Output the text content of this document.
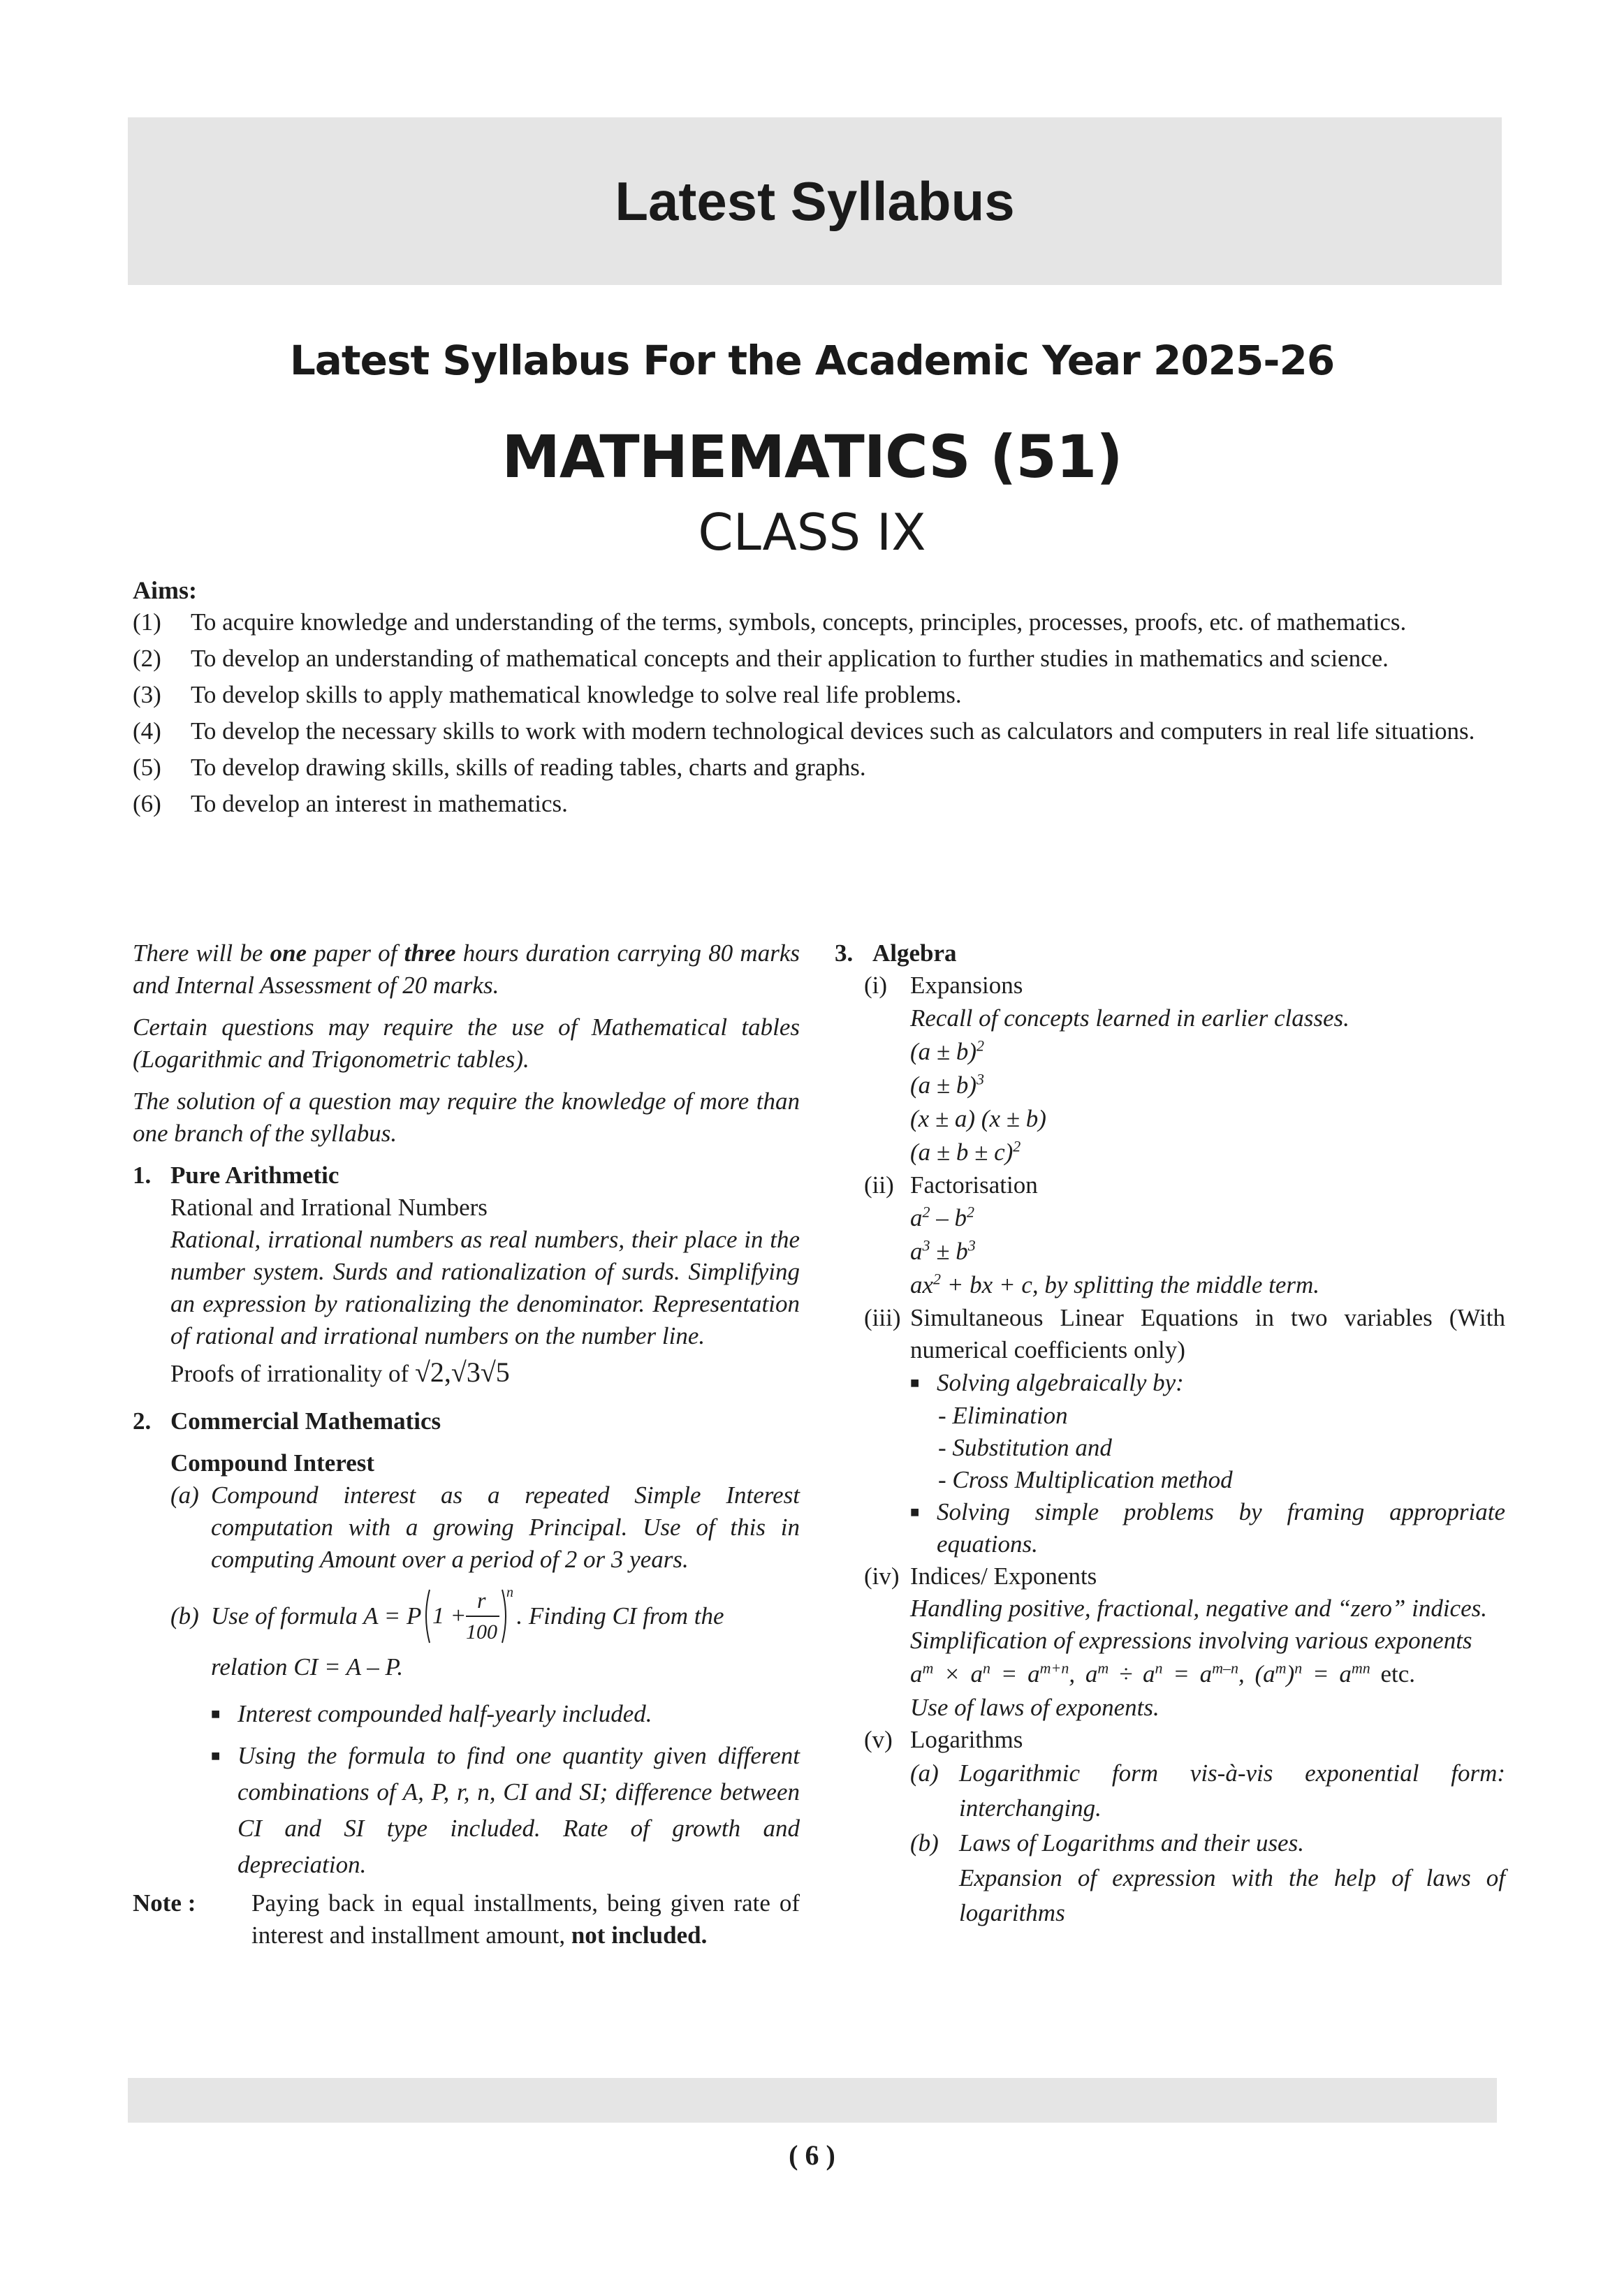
Latest Syllabus
Latest Syllabus For the Academic Year 2025-26
MATHEMATICS (51)
CLASS IX
Aims:
(1)	To acquire knowledge and understanding of the terms, symbols, concepts, principles, processes, proofs, etc. of mathematics.
(2)	To develop an understanding of mathematical concepts and their application to further studies in mathematics and science.
(3)	To develop skills to apply mathematical knowledge to solve real life problems.
(4)	To develop the necessary skills to work with modern technological devices such as calculators and computers in real life situations.
(5)	To develop drawing skills, skills of reading tables, charts and graphs.
(6)	To develop an interest in mathematics.

There will be one paper of three hours duration carrying 80 marks and Internal Assessment of 20 marks.

Certain questions may require the use of Mathematical tables (Logarithmic and Trigonometric tables).

The solution of a question may require the knowledge of more than one branch of the syllabus.

1. Pure Arithmetic

Rational and Irrational Numbers

Rational, irrational numbers as real numbers, their place in the number system. Surds and rationalization of surds. Simplifying an expression by rationalizing the denominator. Representation of rational and irrational numbers on the number line.

Proofs of irrationality of √2,√3√5

2. Commercial Mathematics

Compound Interest

(a) Compound interest as a repeated Simple Interest computation with a growing Principal. Use of this in computing Amount over a period of 2 or 3 years.
(b) Use of formula A = P 1 +
r
100
n
. Finding CI from the

relation CI = A – P.

■ Interest compounded half-yearly included.
■ Using the formula to find one quantity given different combinations of A, P, r, n, CI and SI; difference between CI and SI type included. Rate of growth and depreciation.
Note :	Paying back in equal installments, being given rate of interest and installment amount, not included.
3. Algebra
(i) Expansions

Recall of concepts learned in earlier classes.

$(a \pm b)^2$

$(a \pm b)^3$

(x ± a) (x ± b)

$(a \pm b \pm c)^2$

(ii) Factorisation

$a^2 - b^2$

$a^3 \pm b^3$

$ax^2$ + bx + c, by splitting the middle term.

(iii) Simultaneous Linear Equations in two variables (With numerical coefficients only)
■ Solving algebraically by:

- Elimination

- Substitution and

- Cross Multiplication method

■ Solving simple problems by framing appropriate equations.
(iv) Indices/ Exponents

Handling positive, fractional, negative and “zero” indices.

Simplification of expressions involving various exponents

$a^m \times a^n = a^{m+n}$, $a^m \div a^n = a^{m-n}$, $(a^m)^n = a^{mn}$ etc.

Use of laws of exponents.

(v) Logarithms
(a) Logarithmic form vis-à-vis exponential form: interchanging.
(b) Laws of Logarithms and their uses.

Expansion of expression with the help of laws of logarithms

( 6 )
